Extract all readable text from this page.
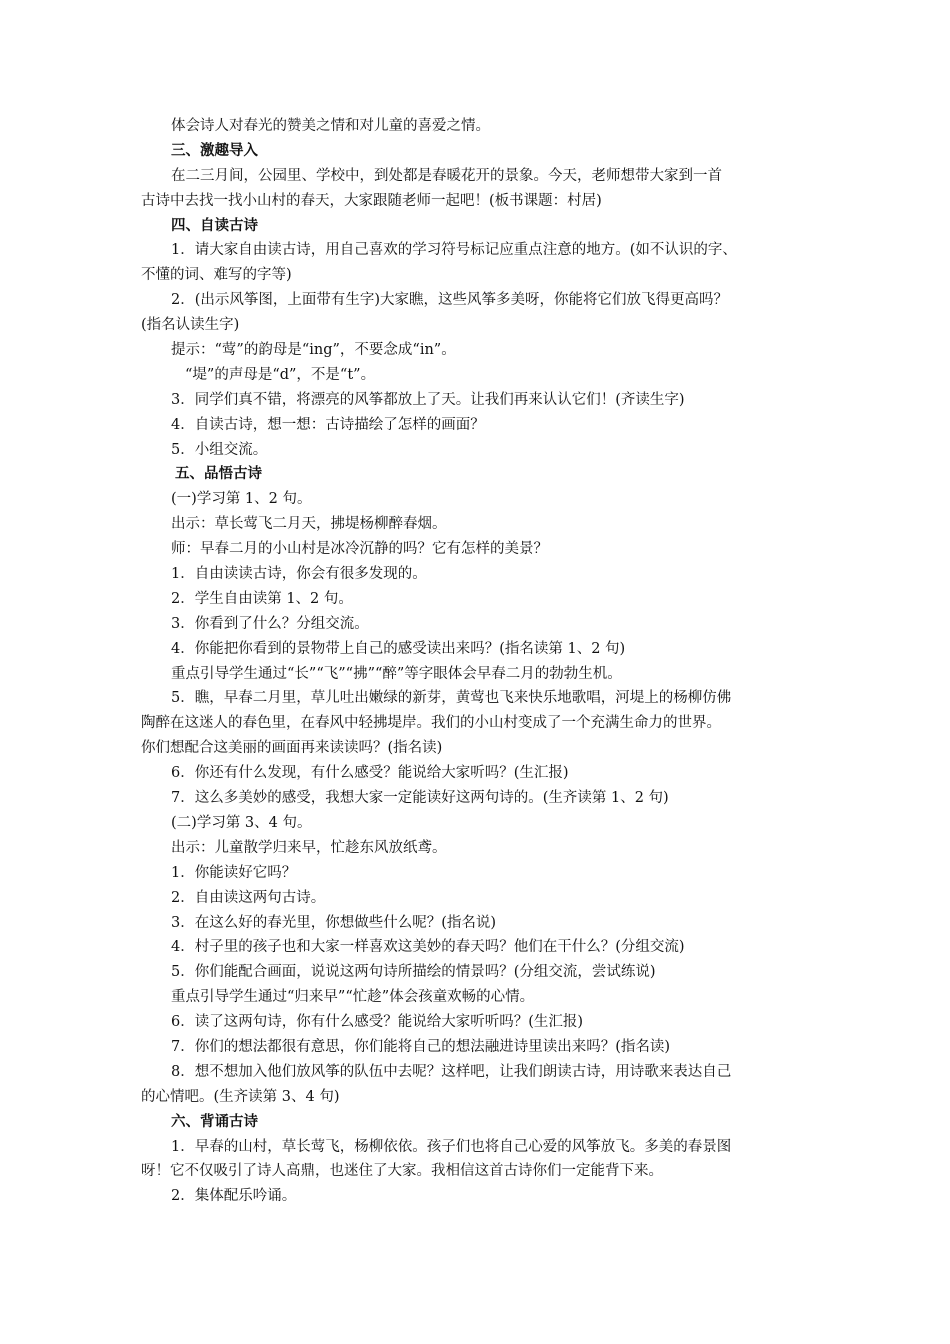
体会诗人对春光的赞美之情和对儿童的喜爱之情。
三、激趣导入
在二三月间，公园里、学校中，到处都是春暖花开的景象。今天，老师想带大家到一首
古诗中去找一找小山村的春天，大家跟随老师一起吧！(板书课题：村居)
四、自读古诗
1．请大家自由读古诗，用自己喜欢的学习符号标记应重点注意的地方。(如不认识的字、
不懂的词、难写的字等)
2．(出示风筝图，上面带有生字)大家瞧，这些风筝多美呀，你能将它们放飞得更高吗？
(指名认读生字)
提示：“莺”的韵母是“ing”，不要念成“in”。
“堤”的声母是“d”，不是“t”。
3．同学们真不错，将漂亮的风筝都放上了天。让我们再来认认它们！(齐读生字)
4．自读古诗，想一想：古诗描绘了怎样的画面？
5．小组交流。
五、品悟古诗
(一)学习第 1、2 句。
出示：草长莺飞二月天，拂堤杨柳醉春烟。
师：早春二月的小山村是冰冷沉静的吗？它有怎样的美景？
1．自由读读古诗，你会有很多发现的。
2．学生自由读第 1、2 句。
3．你看到了什么？分组交流。
4．你能把你看到的景物带上自己的感受读出来吗？(指名读第 1、2 句)
重点引导学生通过“长”“飞”“拂”“醉”等字眼体会早春二月的勃勃生机。
5．瞧，早春二月里，草儿吐出嫩绿的新芽，黄莺也飞来快乐地歌唱，河堤上的杨柳仿佛
陶醉在这迷人的春色里，在春风中轻拂堤岸。我们的小山村变成了一个充满生命力的世界。
你们想配合这美丽的画面再来读读吗？(指名读)
6．你还有什么发现，有什么感受？能说给大家听吗？(生汇报)
7．这么多美妙的感受，我想大家一定能读好这两句诗的。(生齐读第 1、2 句)
(二)学习第 3、4 句。
出示：儿童散学归来早，忙趁东风放纸鸢。
1．你能读好它吗？
2．自由读这两句古诗。
3．在这么好的春光里，你想做些什么呢？(指名说)
4．村子里的孩子也和大家一样喜欢这美妙的春天吗？他们在干什么？(分组交流)
5．你们能配合画面，说说这两句诗所描绘的情景吗？(分组交流，尝试练说)
重点引导学生通过“归来早”“忙趁”体会孩童欢畅的心情。
6．读了这两句诗，你有什么感受？能说给大家听听吗？(生汇报)
7．你们的想法都很有意思，你们能将自己的想法融进诗里读出来吗？(指名读)
8．想不想加入他们放风筝的队伍中去呢？这样吧，让我们朗读古诗，用诗歌来表达自己
的心情吧。(生齐读第 3、4 句)
六、背诵古诗
1．早春的山村，草长莺飞，杨柳依依。孩子们也将自己心爱的风筝放飞。多美的春景图
呀！它不仅吸引了诗人高鼎，也迷住了大家。我相信这首古诗你们一定能背下来。
2．集体配乐吟诵。
